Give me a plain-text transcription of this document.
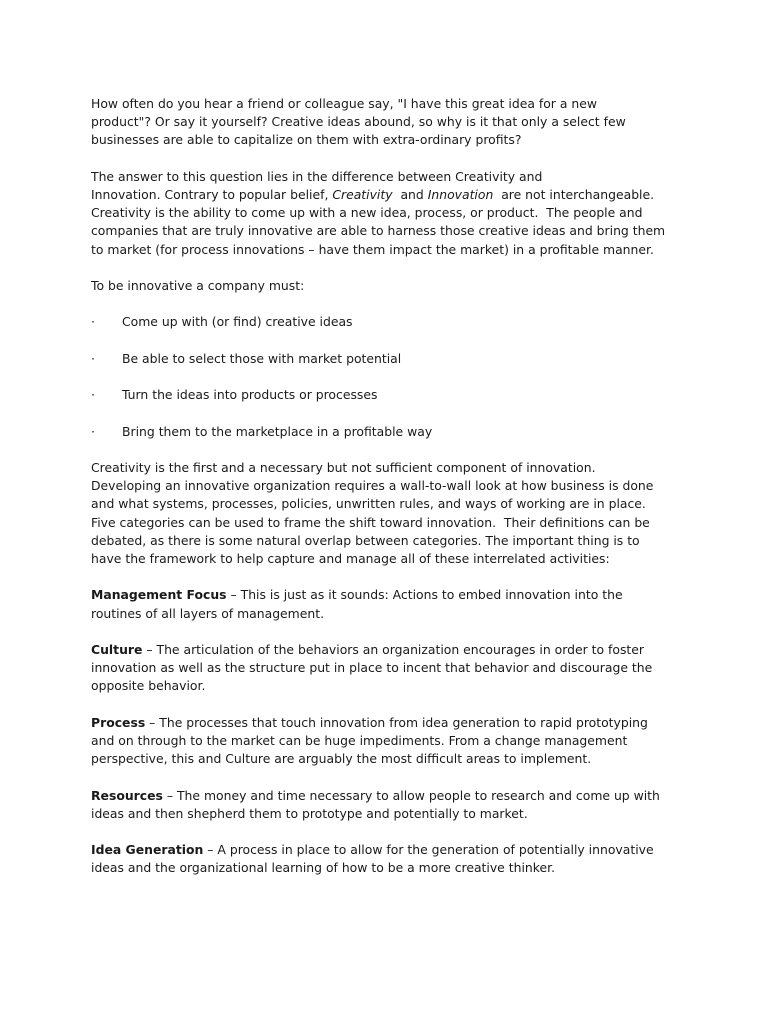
How often do you hear a friend or colleague say, "I have this great idea for a new
product"? Or say it yourself? Creative ideas abound, so why is it that only a select few
businesses are able to capitalize on them with extra-ordinary profits?

The answer to this question lies in the difference between Creativity and
Innovation. Contrary to popular belief, Creativity  and Innovation  are not interchangeable.
Creativity is the ability to come up with a new idea, process, or product.  The people and
companies that are truly innovative are able to harness those creative ideas and bring them
to market (for process innovations – have them impact the market) in a profitable manner.

To be innovative a company must:

·	Come up with (or find) creative ideas
·	Be able to select those with market potential
·	Turn the ideas into products or processes
·	Bring them to the marketplace in a profitable way

Creativity is the first and a necessary but not sufficient component of innovation.
Developing an innovative organization requires a wall-to-wall look at how business is done
and what systems, processes, policies, unwritten rules, and ways of working are in place.
Five categories can be used to frame the shift toward innovation.  Their definitions can be
debated, as there is some natural overlap between categories. The important thing is to
have the framework to help capture and manage all of these interrelated activities:

Management Focus – This is just as it sounds: Actions to embed innovation into the
routines of all layers of management.

Culture – The articulation of the behaviors an organization encourages in order to foster
innovation as well as the structure put in place to incent that behavior and discourage the
opposite behavior.

Process – The processes that touch innovation from idea generation to rapid prototyping
and on through to the market can be huge impediments. From a change management
perspective, this and Culture are arguably the most difficult areas to implement.

Resources – The money and time necessary to allow people to research and come up with
ideas and then shepherd them to prototype and potentially to market.

Idea Generation – A process in place to allow for the generation of potentially innovative
ideas and the organizational learning of how to be a more creative thinker.
